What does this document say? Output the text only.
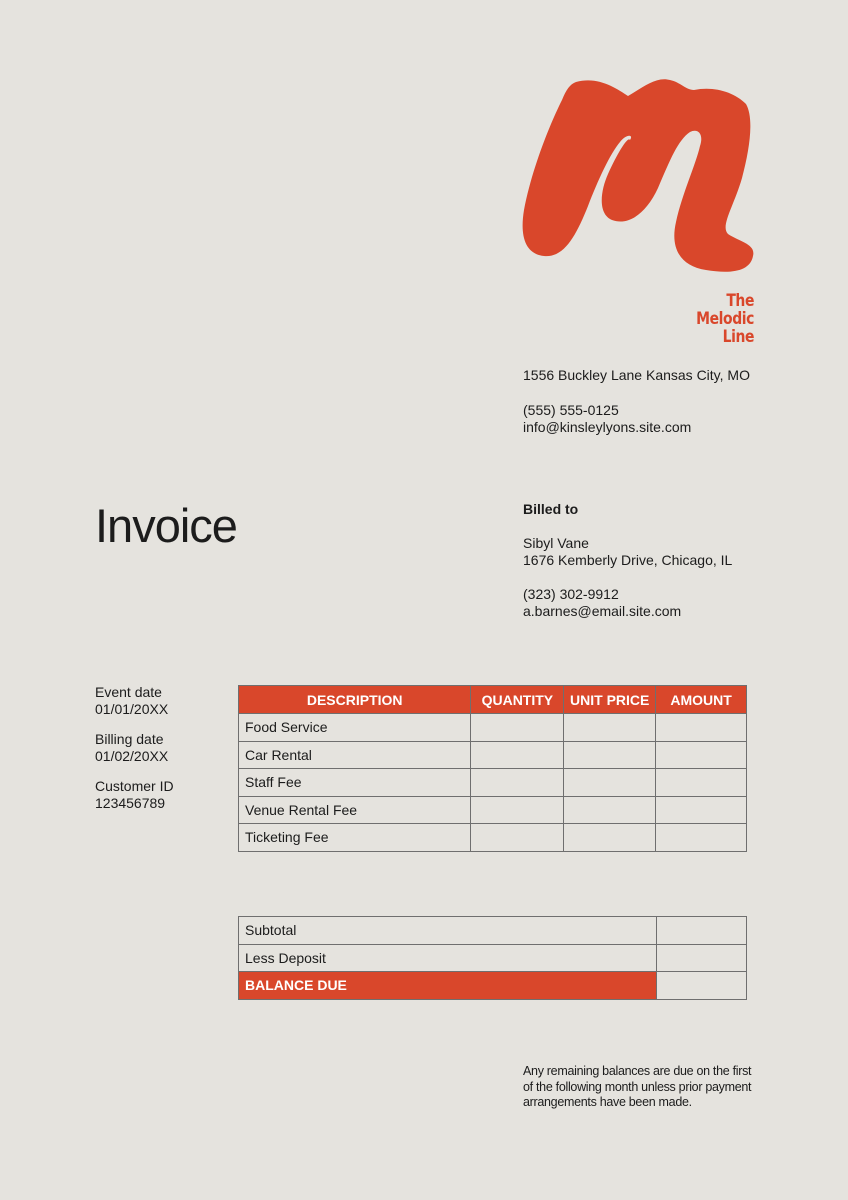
The
Melodic
Line
1556 Buckley Lane Kansas City, MO
(555) 555-0125
info@kinsleylyons.site.com
Invoice	Billed to
Sibyl Vane
1676 Kemberly Drive, Chicago, IL
(323) 302-9912
a.barnes@email.site.com
Event date
01/01/20XX
Billing date
01/02/20XX
Customer ID
123456789
DESCRIPTION	QUANTITY	UNIT PRICE	AMOUNT
Food Service			
Car Rental			
Staff Fee			
Venue Rental Fee			
Ticketing Fee			
Subtotal	
Less Deposit	
BALANCE DUE	
Any remaining balances are due on the first of the following month unless prior payment arrangements have been made.
